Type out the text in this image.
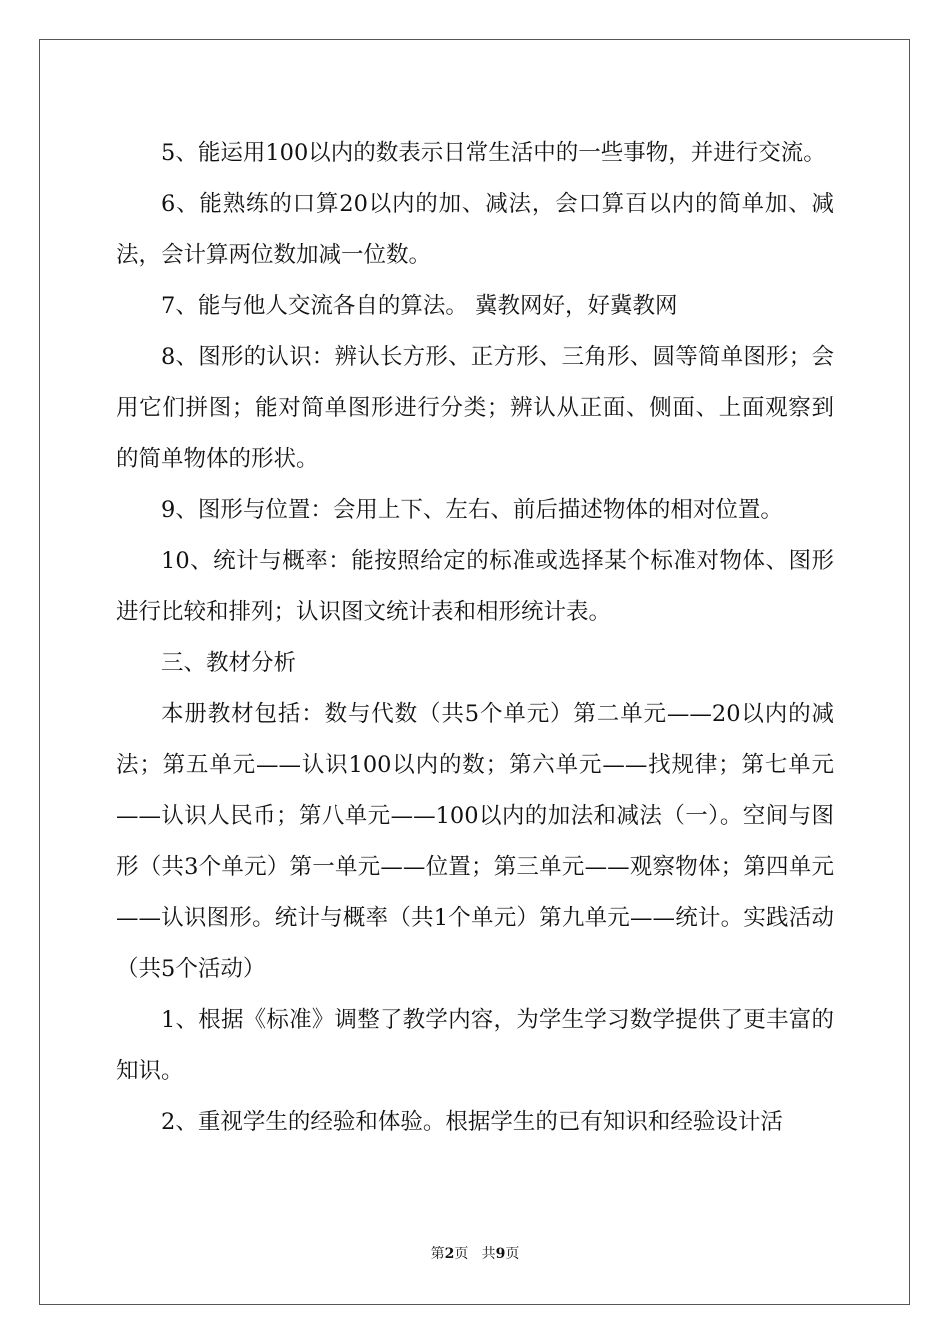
5、能运用100以内的数表示日常生活中的一些事物，并进行交流。

6、能熟练的口算20以内的加、减法，会口算百以内的简单加、减法，会计算两位数加减一位数。

7、能与他人交流各自的算法。 冀教网好，好冀教网

8、图形的认识：辨认长方形、正方形、三角形、圆等简单图形；会用它们拼图；能对简单图形进行分类；辨认从正面、侧面、上面观察到的简单物体的形状。

9、图形与位置：会用上下、左右、前后描述物体的相对位置。

10、统计与概率：能按照给定的标准或选择某个标准对物体、图形进行比较和排列；认识图文统计表和相形统计表。

三、教材分析

本册教材包括：数与代数（共5个单元）第二单元——20以内的减法；第五单元——认识100以内的数；第六单元——找规律；第七单元——认识人民币；第八单元——100以内的加法和减法（一）。空间与图形（共3个单元）第一单元——位置；第三单元——观察物体；第四单元——认识图形。统计与概率（共1个单元）第九单元——统计。实践活动（共5个活动）

1、根据《标准》调整了教学内容，为学生学习数学提供了更丰富的知识。

2、重视学生的经验和体验。根据学生的已有知识和经验设计活

第2页 共9页
